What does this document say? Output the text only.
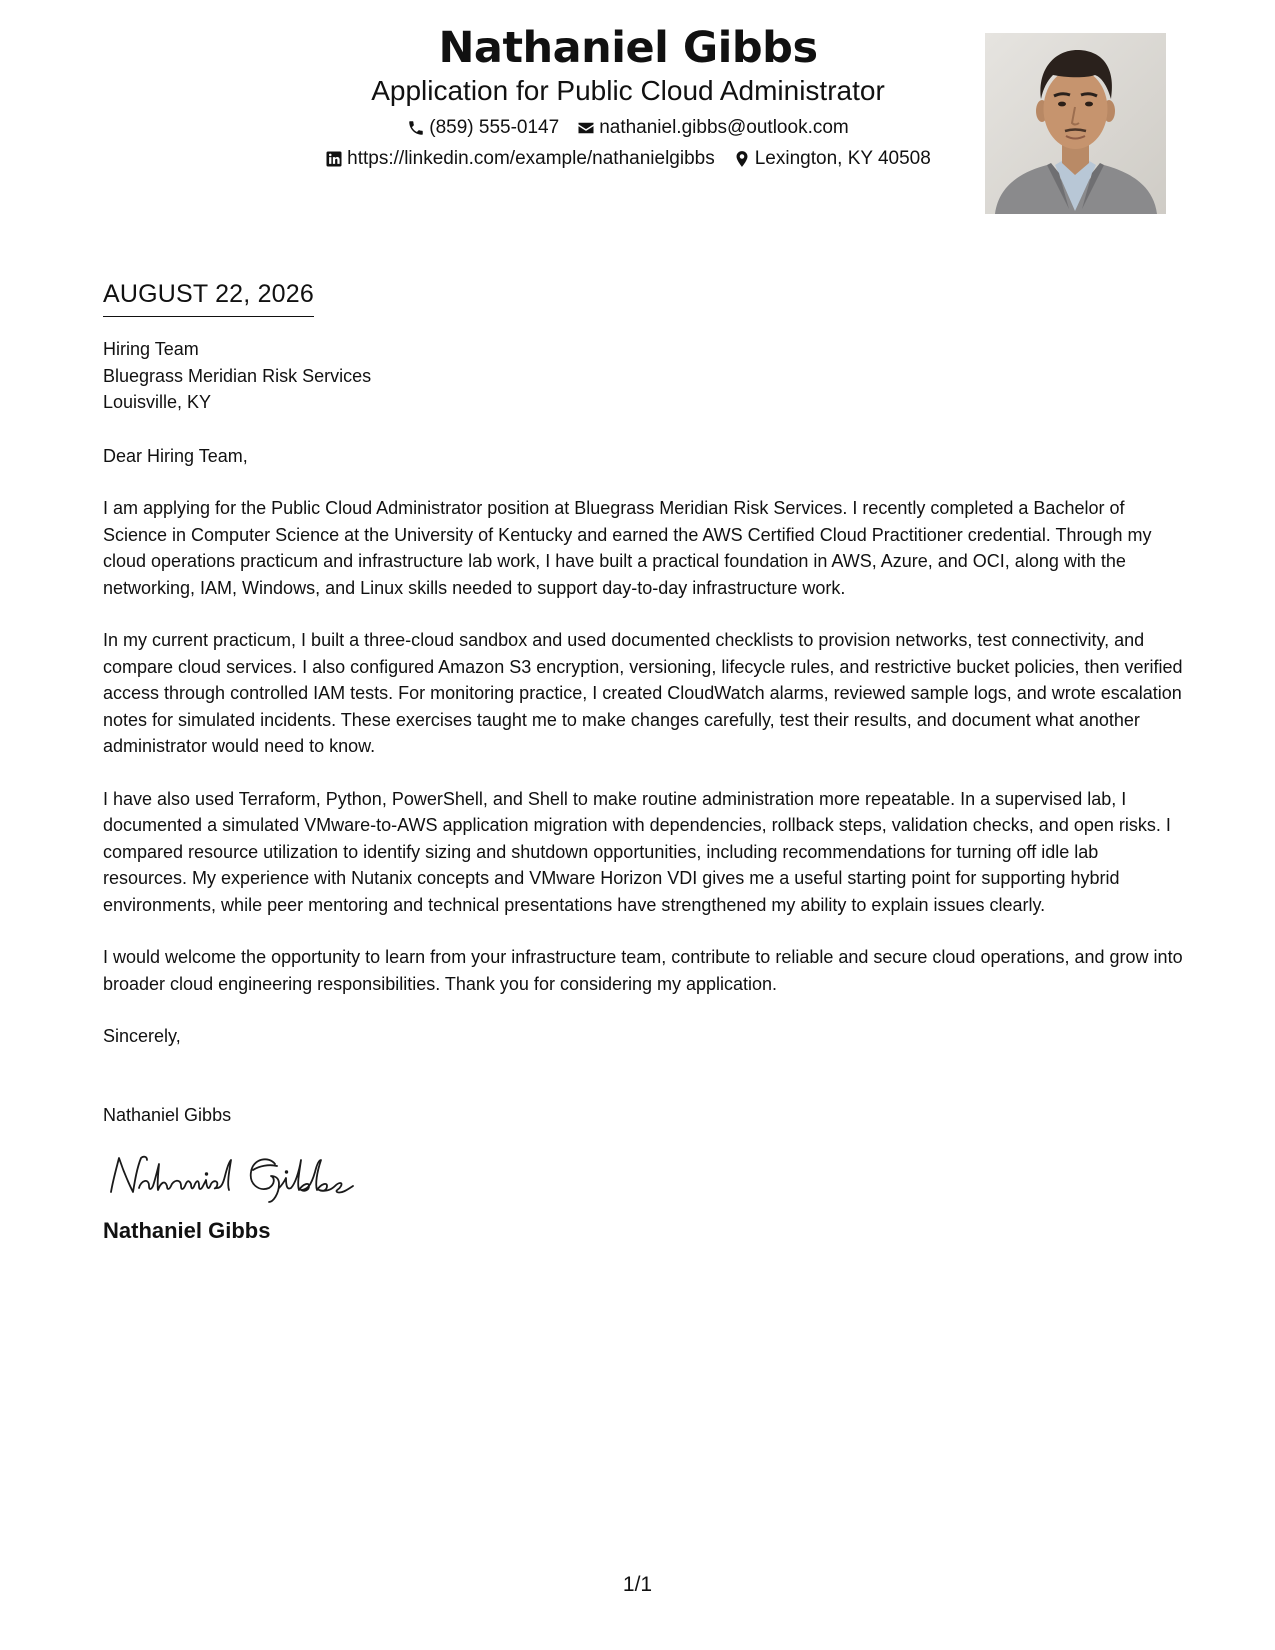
Nathaniel Gibbs
Application for Public Cloud Administrator
(859) 555-0147 nathaniel.gibbs@outlook.com
https://linkedin.com/example/nathanielgibbs Lexington, KY 40508
AUGUST 22, 2026
Hiring Team
Bluegrass Meridian Risk Services
Louisville, KY

Dear Hiring Team,

I am applying for the Public Cloud Administrator position at Bluegrass Meridian Risk Services. I recently completed a Bachelor of Science in Computer Science at the University of Kentucky and earned the AWS Certified Cloud Practitioner credential. Through my cloud operations practicum and infrastructure lab work, I have built a practical foundation in AWS, Azure, and OCI, along with the networking, IAM, Windows, and Linux skills needed to support day-to-day infrastructure work.

In my current practicum, I built a three-cloud sandbox and used documented checklists to provision networks, test connectivity, and compare cloud services. I also configured Amazon S3 encryption, versioning, lifecycle rules, and restrictive bucket policies, then verified access through controlled IAM tests. For monitoring practice, I created CloudWatch alarms, reviewed sample logs, and wrote escalation notes for simulated incidents. These exercises taught me to make changes carefully, test their results, and document what another administrator would need to know.

I have also used Terraform, Python, PowerShell, and Shell to make routine administration more repeatable. In a supervised lab, I documented a simulated VMware-to-AWS application migration with dependencies, rollback steps, validation checks, and open risks. I compared resource utilization to identify sizing and shutdown opportunities, including recommendations for turning off idle lab resources. My experience with Nutanix concepts and VMware Horizon VDI gives me a useful starting point for supporting hybrid environments, while peer mentoring and technical presentations have strengthened my ability to explain issues clearly.

I would welcome the opportunity to learn from your infrastructure team, contribute to reliable and secure cloud operations, and grow into broader cloud engineering responsibilities. Thank you for considering my application.

Sincerely,

Nathaniel Gibbs
Nathaniel Gibbs
1/1
